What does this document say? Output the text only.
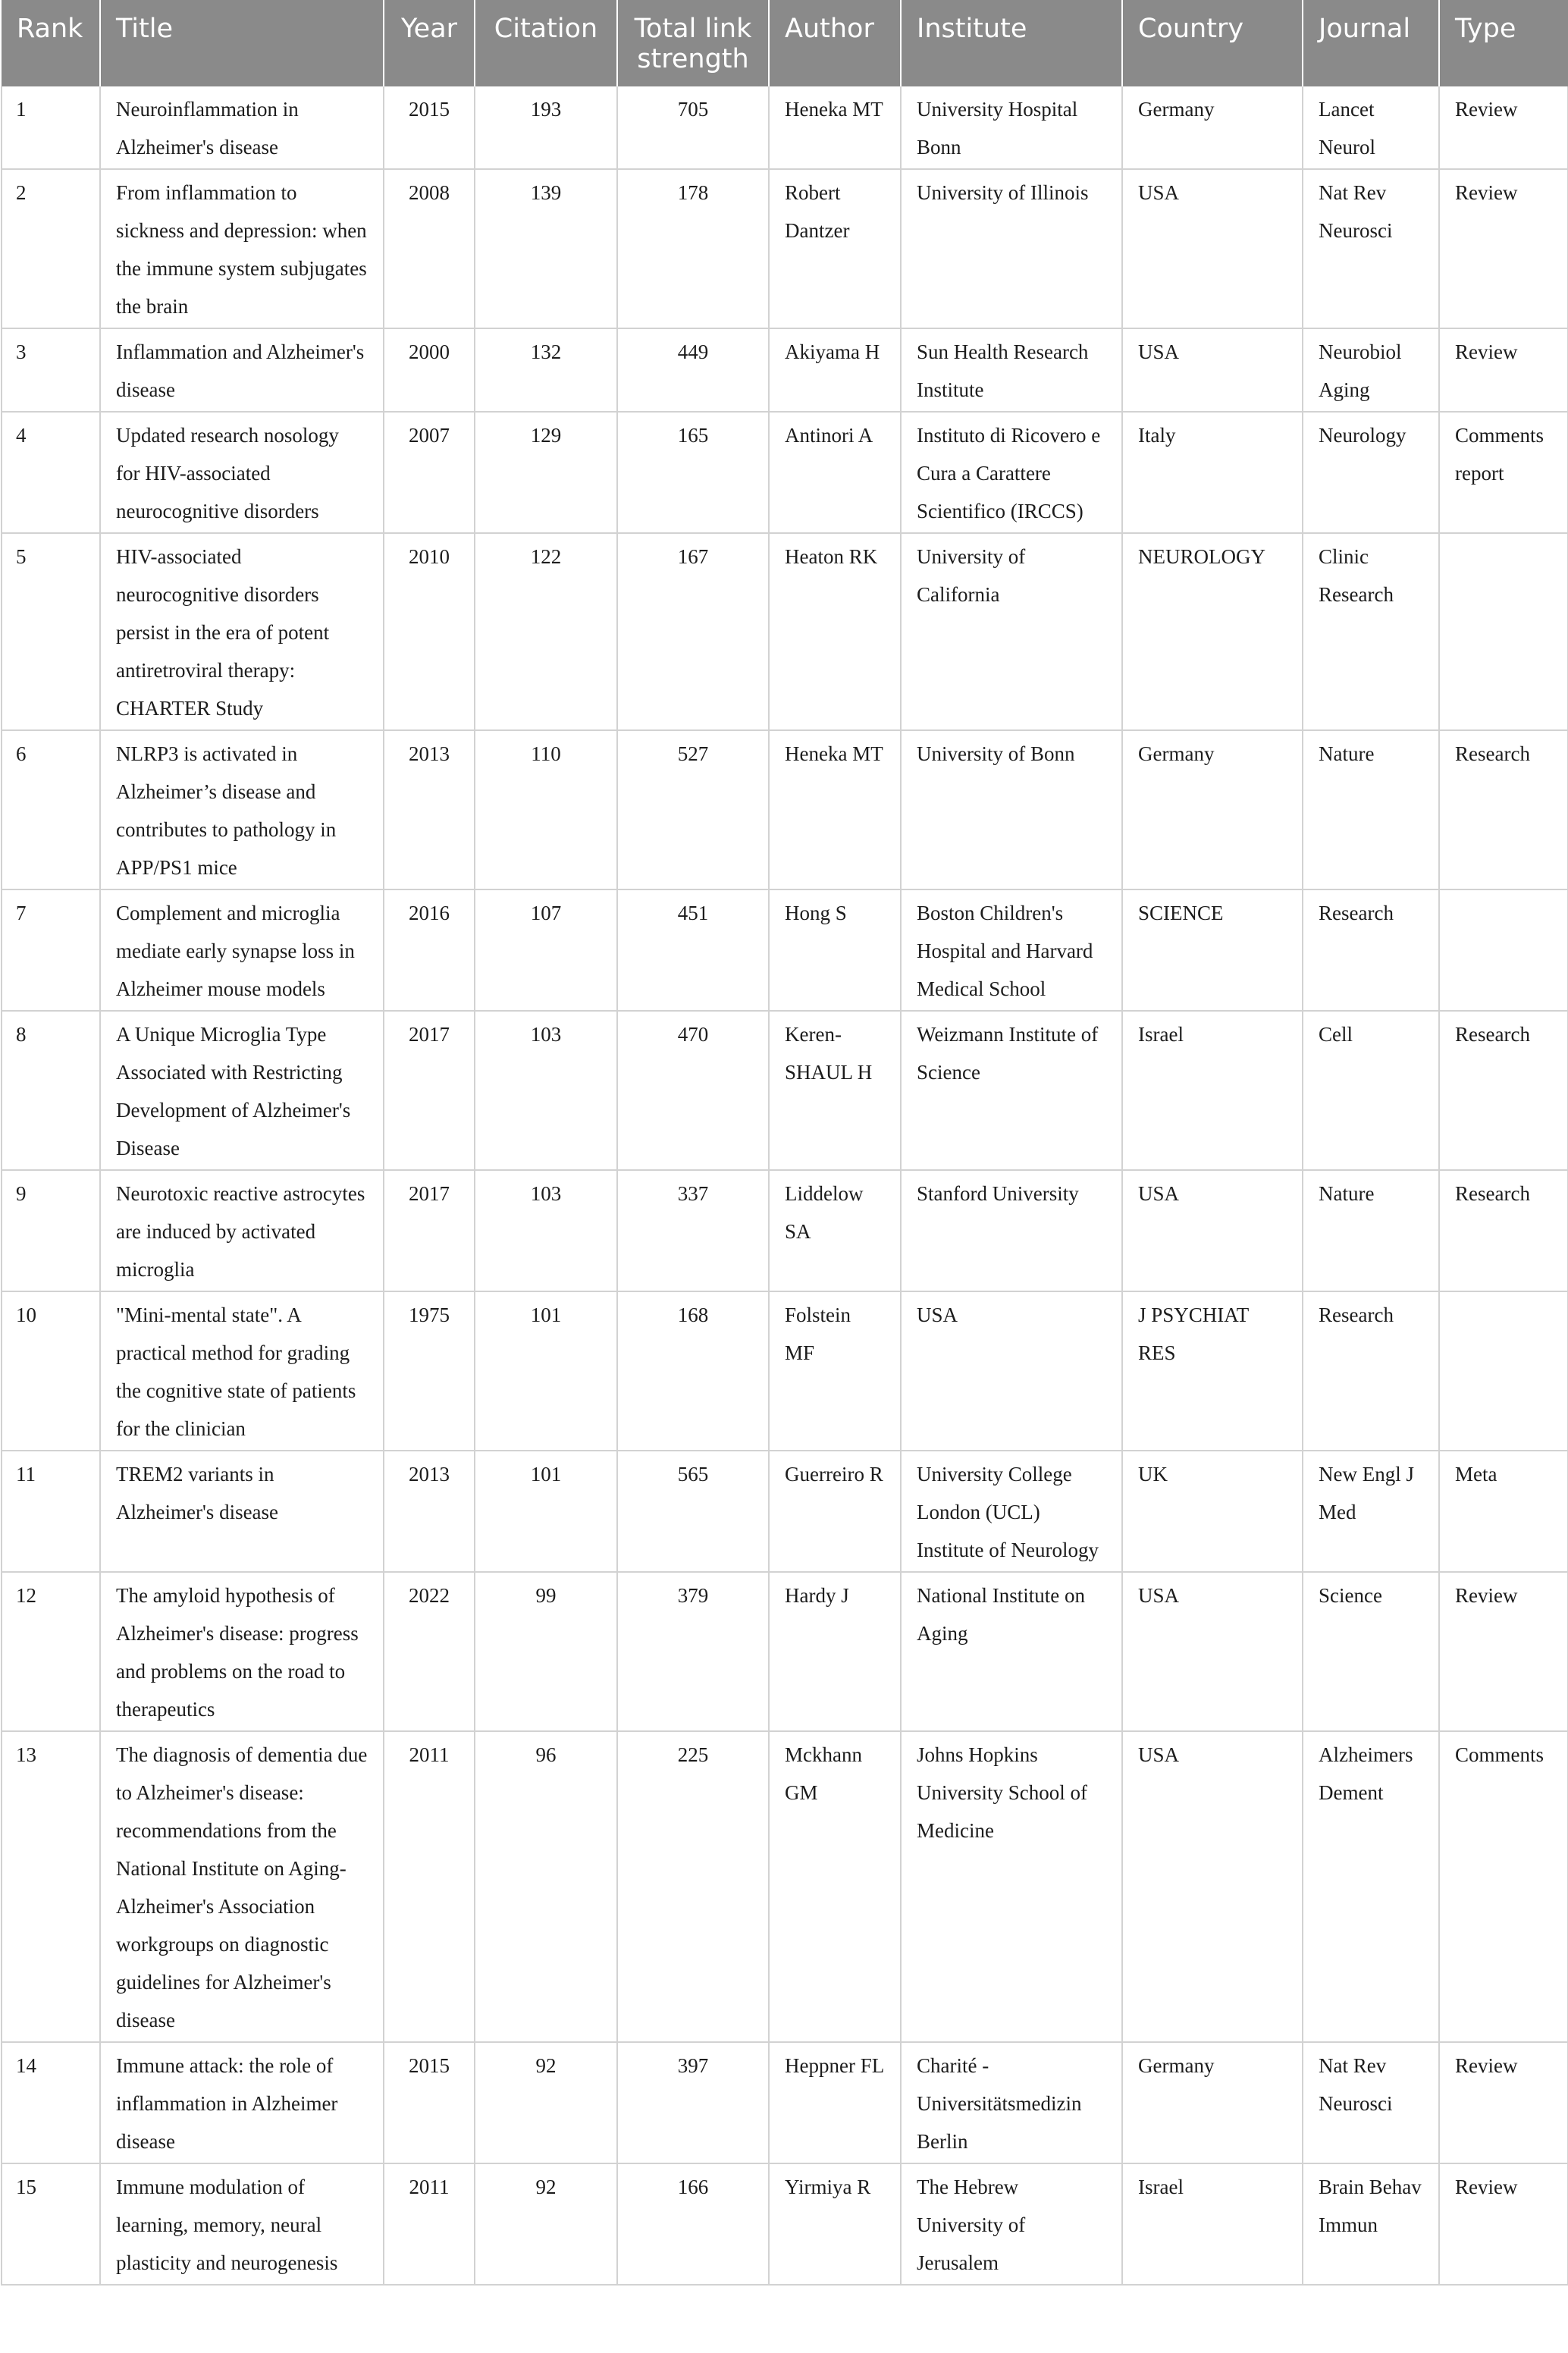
Rank	Title	Year	Citation	Total link strength	Author	Institute	Country	Journal	Type
1	Neuroinflammation in Alzheimer's disease	2015	193	705	Heneka MT	University Hospital Bonn	Germany	Lancet Neurol	Review
2	From inflammation to sickness and depression: when the immune system subjugates the brain	2008	139	178	Robert Dantzer	University of Illinois	USA	Nat Rev Neurosci	Review
3	Inflammation and Alzheimer's disease	2000	132	449	Akiyama H	Sun Health Research Institute	USA	Neurobiol Aging	Review
4	Updated research nosology for HIV-associated neurocognitive disorders	2007	129	165	Antinori A	Instituto di Ricovero e Cura a Carattere Scientifico (IRCCS)	Italy	Neurology	Comments report
5	HIV-associated neurocognitive disorders persist in the era of potent antiretroviral therapy: CHARTER Study	2010	122	167	Heaton RK	University of California	NEUROLOGY	Clinic Research	
6	NLRP3 is activated in Alzheimer’s disease and contributes to pathology in APP/PS1 mice	2013	110	527	Heneka MT	University of Bonn	Germany	Nature	Research
7	Complement and microglia mediate early synapse loss in Alzheimer mouse models	2016	107	451	Hong S	Boston Children's Hospital and Harvard Medical School	SCIENCE	Research	
8	A Unique Microglia Type Associated with Restricting Development of Alzheimer's Disease	2017	103	470	Keren-SHAUL H	Weizmann Institute of Science	Israel	Cell	Research
9	Neurotoxic reactive astrocytes are induced by activated microglia	2017	103	337	Liddelow SA	Stanford University	USA	Nature	Research
10	"Mini-mental state". A practical method for grading the cognitive state of patients for the clinician	1975	101	168	Folstein MF	USA	J PSYCHIAT RES	Research	
11	TREM2 variants in Alzheimer's disease	2013	101	565	Guerreiro R	University College London (UCL) Institute of Neurology	UK	New Engl J Med	Meta
12	The amyloid hypothesis of Alzheimer's disease: progress and problems on the road to therapeutics	2022	99	379	Hardy J	National Institute on Aging	USA	Science	Review
13	The diagnosis of dementia due to Alzheimer's disease: recommendations from the National Institute on Aging-Alzheimer's Association workgroups on diagnostic guidelines for Alzheimer's disease	2011	96	225	Mckhann GM	Johns Hopkins University School of Medicine	USA	Alzheimers Dement	Comments
14	Immune attack: the role of inflammation in Alzheimer disease	2015	92	397	Heppner FL	Charité - Universitätsmedizin Berlin	Germany	Nat Rev Neurosci	Review
15	Immune modulation of learning, memory, neural plasticity and neurogenesis	2011	92	166	Yirmiya R	The Hebrew University of Jerusalem	Israel	Brain Behav Immun	Review
